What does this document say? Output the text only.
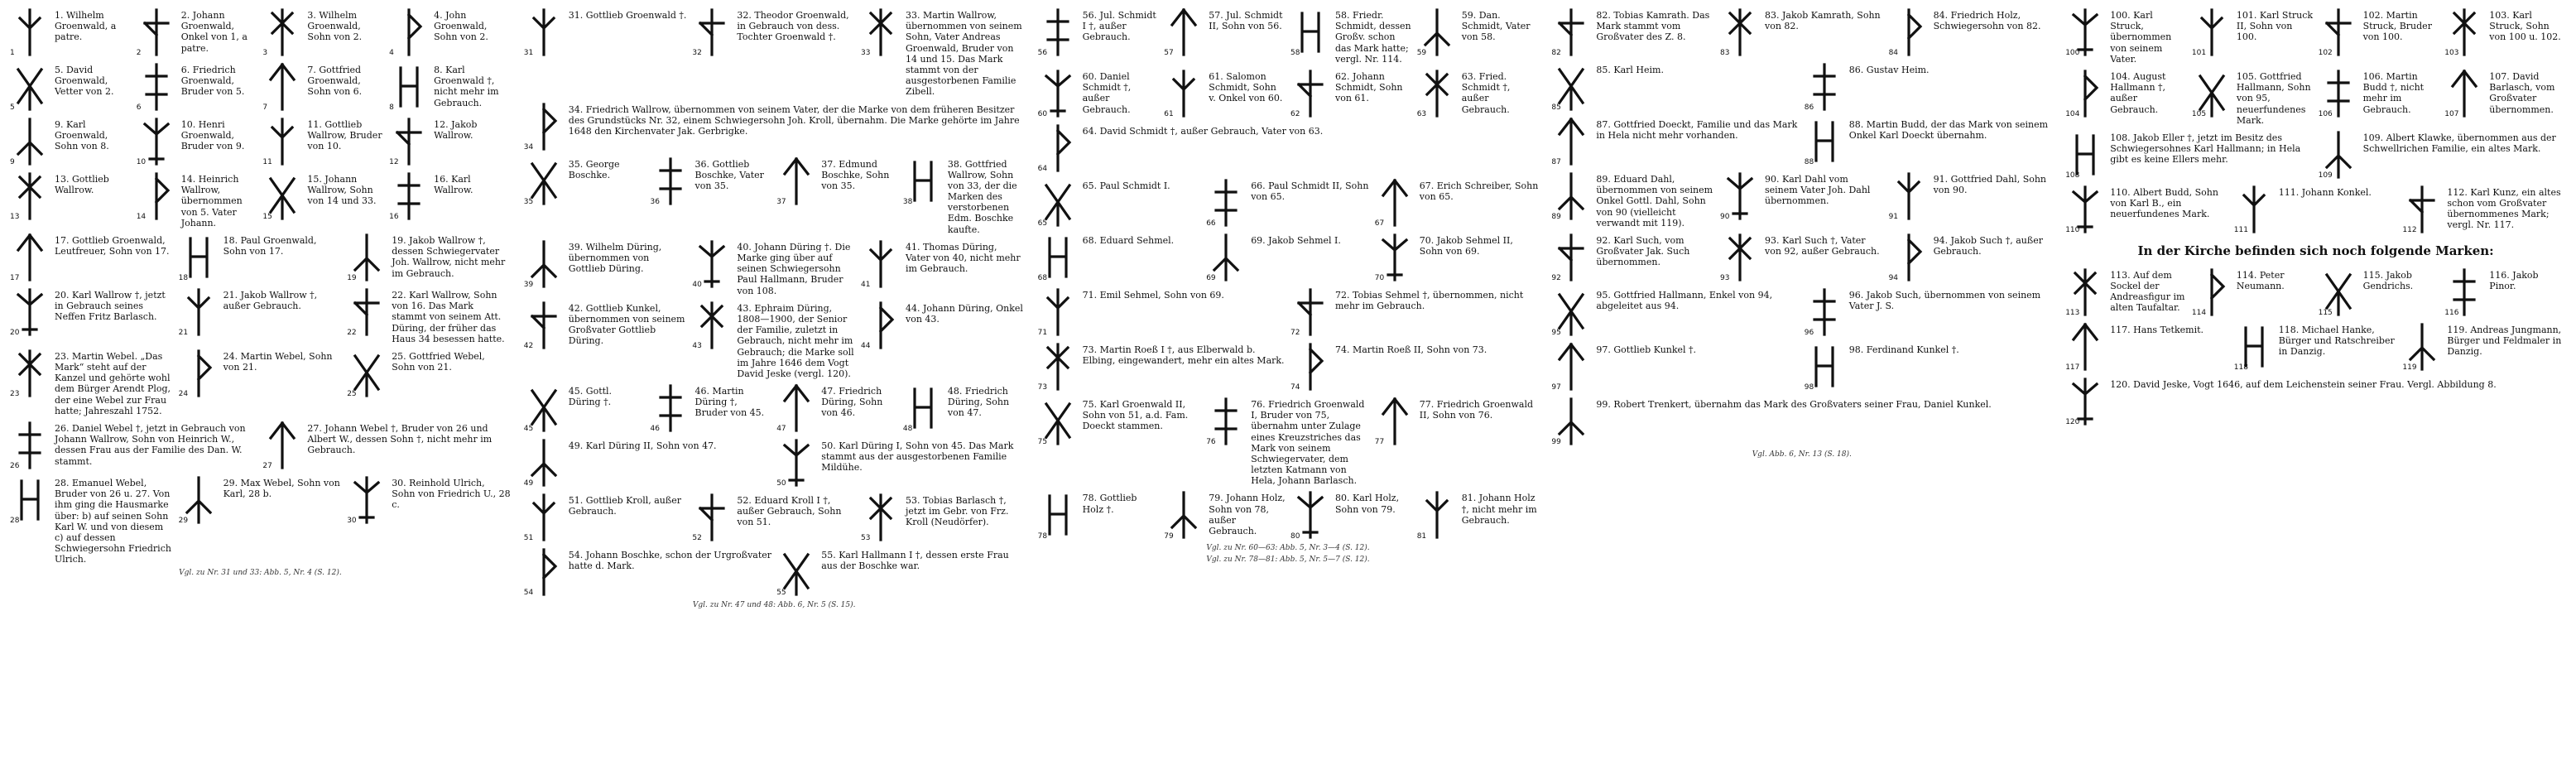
1
1. Wilhelm Groenwald, a patre.
2
2. Johann Groenwald, Onkel von 1, a patre.	3
3. Wilhelm Groenwald, Sohn von 2.
4
4. John Groenwald, Sohn von 2.
5
5. David Groenwald, Vetter von 2.
6
6. Friedrich Groenwald, Bruder von 5.
7
7. Gottfried Groenwald, Sohn von 6.
8
8. Karl Groenwald †, nicht mehr im Gebrauch.
9
9. Karl Groenwald, Sohn von 8.
10
10. Henri Groenwald, Bruder von 9.
11
11. Gottlieb Wallrow, Bruder von 10.
12
12. Jakob Wallrow.
13
13. Gottlieb Wallrow.
14
14. Heinrich Wallrow, übernommen von 5. Vater Johann.
15
15. Johann Wallrow, Sohn von 14 und 33.
16
16. Karl Wallrow.
17
17. Gottlieb Groenwald, Leutfreuer, Sohn von 17.
18
18. Paul Groenwald, Sohn von 17.
19
19. Jakob Wallrow †, dessen Schwiegervater Joh. Wallrow, nicht mehr im Gebrauch.
20
20. Karl Wallrow †, jetzt in Gebrauch seines Neffen Fritz Barlasch.
21
21. Jakob Wallrow †, außer Gebrauch.
22
22. Karl Wallrow, Sohn von 16. Das Mark stammt von seinem Att. Düring, der früher das Haus 34 besessen hatte.
23
23. Martin Webel. „Das Mark“ steht auf der Kanzel und gehörte wohl dem Bürger Arendt Plog, der eine Webel zur Frau hatte; Jahreszahl 1752.
24
24. Martin Webel, Sohn von 21.
25
25. Gottfried Webel, Sohn von 21.
26
26. Daniel Webel †, jetzt in Gebrauch von Johann Wallrow, Sohn von Heinrich W., dessen Frau aus der Familie des Dan. W. stammt.	27
27. Johann Webel †, Bruder von 26 und Albert W., dessen Sohn †, nicht mehr im Gebrauch.
28
28. Emanuel Webel, Bruder von 26 u. 27. Von ihm ging die Hausmarke über: b) auf seinen Sohn Karl W. und von diesem c) auf dessen Schwiegersohn Friedrich Ulrich.
29
29. Max Webel, Sohn von Karl, 28 b.
30
30. Reinhold Ulrich, Sohn von Friedrich U., 28 c.
Vgl. zu Nr. 31 und 33: Abb. 5, Nr. 4 (S. 12).
31
31. Gottlieb Groenwald †.
32
32. Theodor Groenwald, in Gebrauch von dess. Tochter Groenwald †.
33
33. Martin Wallrow, übernommen von seinem Sohn, Vater Andreas Groenwald, Bruder von 14 und 15. Das Mark stammt von der ausgestorbenen Familie Zibell.
34
34. Friedrich Wallrow, übernommen von seinem Vater, der die Marke von dem früheren Besitzer des Grundstücks Nr. 32, einem Schwiegersohn Joh. Kroll, übernahm. Die Marke gehörte im Jahre 1648 den Kirchenvater Jak. Gerbrigke.
35
35. George Boschke.
36
36. Gottlieb Boschke, Vater von 35.
37
37. Edmund Boschke, Sohn von 35.
38
38. Gottfried Wallrow, Sohn von 33, der die Marken des verstorbenen Edm. Boschke kaufte.
39
39. Wilhelm Düring, übernommen von Gottlieb Düring.
40
40. Johann Düring †. Die Marke ging über auf seinen Schwiegersohn Paul Hallmann, Bruder von 108.
41
41. Thomas Düring, Vater von 40, nicht mehr im Gebrauch.
42
42. Gottlieb Kunkel, übernommen von seinem Großvater Gottlieb Düring.	43
43. Ephraim Düring, 1808—1900, der Senior der Familie, zuletzt in Gebrauch, nicht mehr im Gebrauch; die Marke soll im Jahre 1646 dem Vogt David Jeske (vergl. 120).
44
44. Johann Düring, Onkel von 43.
45
45. Gottl. Düring †.
46
46. Martin Düring †, Bruder von 45.
47
47. Friedrich Düring, Sohn von 46.
48
48. Friedrich Düring, Sohn von 47.
49
49. Karl Düring II, Sohn von 47.
50
50. Karl Düring I, Sohn von 45. Das Mark stammt aus der ausgestorbenen Familie Mildühe.
51
51. Gottlieb Kroll, außer Gebrauch.
52
52. Eduard Kroll I †, außer Gebrauch, Sohn von 51.
53
53. Tobias Barlasch †, jetzt im Gebr. von Frz. Kroll (Neudörfer).
54
54. Johann Boschke, schon der Urgroßvater hatte d. Mark.
55
55. Karl Hallmann I †, dessen erste Frau aus der Boschke war.
Vgl. zu Nr. 47 und 48: Abb. 6, Nr. 5 (S. 15).
56
56. Jul. Schmidt I †, außer Gebrauch.
57
57. Jul. Schmidt II, Sohn von 56.
58
58. Friedr. Schmidt, dessen Großv. schon das Mark hatte; vergl. Nr. 114.
59
59. Dan. Schmidt, Vater von 58.
60
60. Daniel Schmidt †, außer Gebrauch.	61
61. Salomon Schmidt, Sohn v. Onkel von 60.
62
62. Johann Schmidt, Sohn von 61.
63
63. Fried. Schmidt †, außer Gebrauch.
64
64. David Schmidt †, außer Gebrauch, Vater von 63.
65
65. Paul Schmidt I.
66
66. Paul Schmidt II, Sohn von 65.
67
67. Erich Schreiber, Sohn von 65.
68
68. Eduard Sehmel.
69
69. Jakob Sehmel I.
70
70. Jakob Sehmel II, Sohn von 69.
71
71. Emil Sehmel, Sohn von 69.
72
72. Tobias Sehmel †, übernommen, nicht mehr im Gebrauch.
73
73. Martin Roeß I †, aus Elberwald b. Elbing, eingewandert, mehr ein altes Mark.
74
74. Martin Roeß II, Sohn von 73.
75
75. Karl Groenwald II, Sohn von 51, a.d. Fam. Doeckt stammen.
76
76. Friedrich Groenwald I, Bruder von 75, übernahm unter Zulage eines Kreuzstriches das Mark von seinem Schwiegervater, dem letzten Katmann von Hela, Johann Barlasch.
77
77. Friedrich Groenwald II, Sohn von 76.
78
78. Gottlieb Holz †.
79
79. Johann Holz, Sohn von 78, außer Gebrauch.	80
80. Karl Holz, Sohn von 79.
81
81. Johann Holz †, nicht mehr im Gebrauch.
Vgl. zu Nr. 60—63: Abb. 5, Nr. 3—4 (S. 12).
Vgl. zu Nr. 78—81: Abb. 5, Nr. 5—7 (S. 12).
82
82. Tobias Kamrath. Das Mark stammt vom Großvater des Z. 8.
83
83. Jakob Kamrath, Sohn von 82.
84
84. Friedrich Holz, Schwiegersohn von 82.
85
85. Karl Heim.
86
86. Gustav Heim.
87
87. Gottfried Doeckt, Familie und das Mark in Hela nicht mehr vorhanden.
88
88. Martin Budd, der das Mark von seinem Onkel Karl Doeckt übernahm.
89
89. Eduard Dahl, übernommen von seinem Onkel Gottl. Dahl, Sohn von 90 (vielleicht verwandt mit 119).
90
90. Karl Dahl vom seinem Vater Joh. Dahl übernommen.
91
91. Gottfried Dahl, Sohn von 90.
92
92. Karl Such, vom Großvater Jak. Such übernommen.
93
93. Karl Such †, Vater von 92, außer Gebrauch.
94
94. Jakob Such †, außer Gebrauch.
95
95. Gottfried Hallmann, Enkel von 94, abgeleitet aus 94.
96
96. Jakob Such, übernommen von seinem Vater J. S.
97
97. Gottlieb Kunkel †.
98
98. Ferdinand Kunkel †.
99
99. Robert Trenkert, übernahm das Mark des Großvaters seiner Frau, Daniel Kunkel.
Vgl. Abb. 6, Nr. 13 (S. 18).
100
100. Karl Struck, übernommen von seinem Vater.
101
101. Karl Struck II, Sohn von 100.
102
102. Martin Struck, Bruder von 100.
103
103. Karl Struck, Sohn von 100 u. 102.
104
104. August Hallmann †, außer Gebrauch.	105
105. Gottfried Hallmann, Sohn von 95, neuerfundenes Mark.
106
106. Martin Budd †, nicht mehr im Gebrauch.	107
107. David Barlasch, vom Großvater übernommen.
108
108. Jakob Eller †, jetzt im Besitz des Schwiegersohnes Karl Hallmann; in Hela gibt es keine Ellers mehr.
109
109. Albert Klawke, übernommen aus der Schwellrichen Familie, ein altes Mark.
110
110. Albert Budd, Sohn von Karl B., ein neuerfundenes Mark.
111
111. Johann Konkel.
112
112. Karl Kunz, ein altes schon vom Großvater übernommenes Mark; vergl. Nr. 117.
In der Kirche befinden sich noch folgende Marken:
113
113. Auf dem Sockel der Andreasfigur im alten Taufaltar.	114
114. Peter Neumann.
115
115. Jakob Gendrichs.
116
116. Jakob Pinor.
117
117. Hans Tetkemit.
118
118. Michael Hanke, Bürger und Ratschreiber in Danzig.
119
119. Andreas Jungmann, Bürger und Feldmaler in Danzig.
120
120. David Jeske, Vogt 1646, auf dem Leichenstein seiner Frau. Vergl. Abbildung 8.
